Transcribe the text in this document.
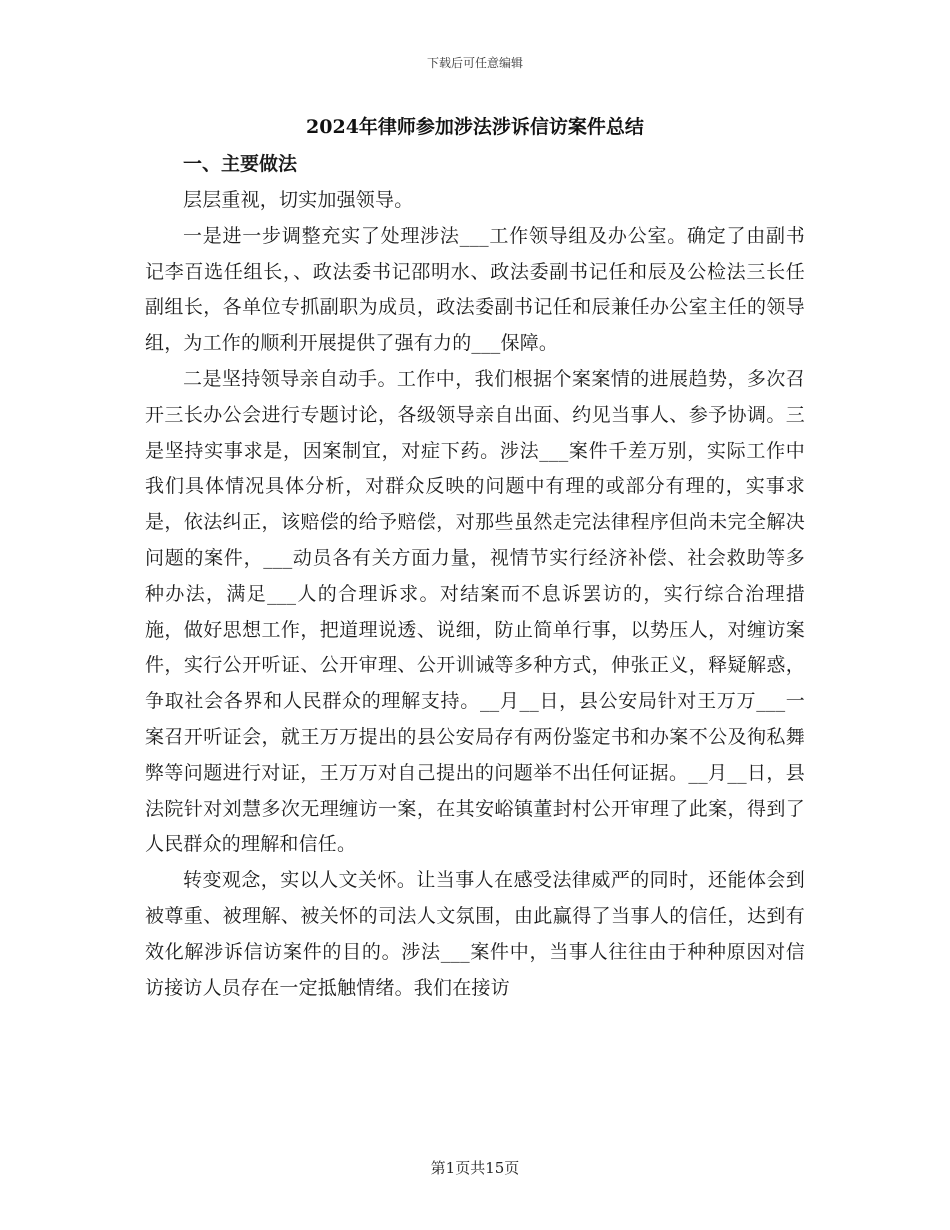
下载后可任意编辑
2024年律师参加涉法涉诉信访案件总结

一、主要做法

层层重视，切实加强领导。

一是进一步调整充实了处理涉法___工作领导组及办公室。确定了由副书记李百选任组长，、政法委书记邵明水、政法委副书记任和辰及公检法三长任副组长，各单位专抓副职为成员，政法委副书记任和辰兼任办公室主任的领导组，为工作的顺利开展提供了强有力的___保障。

二是坚持领导亲自动手。工作中，我们根据个案案情的进展趋势，多次召开三长办公会进行专题讨论，各级领导亲自出面、约见当事人、参予协调。三是坚持实事求是，因案制宜，对症下药。涉法___案件千差万别，实际工作中我们具体情况具体分析，对群众反映的问题中有理的或部分有理的，实事求是，依法纠正，该赔偿的给予赔偿，对那些虽然走完法律程序但尚未完全解决问题的案件，___动员各有关方面力量，视情节实行经济补偿、社会救助等多种办法，满足___人的合理诉求。对结案而不息诉罢访的，实行综合治理措施，做好思想工作，把道理说透、说细，防止简单行事，以势压人，对缠访案件，实行公开听证、公开审理、公开训诫等多种方式，伸张正义，释疑解惑，争取社会各界和人民群众的理解支持。__月__日，县公安局针对王万万___一案召开听证会，就王万万提出的县公安局存有两份鉴定书和办案不公及徇私舞弊等问题进行对证，王万万对自己提出的问题举不出任何证据。__月__日，县法院针对刘慧多次无理缠访一案，在其安峪镇董封村公开审理了此案，得到了人民群众的理解和信任。

转变观念，实以人文关怀。让当事人在感受法律威严的同时，还能体会到被尊重、被理解、被关怀的司法人文氛围，由此赢得了当事人的信任，达到有效化解涉诉信访案件的目的。涉法___案件中，当事人往往由于种种原因对信访接访人员存在一定抵触情绪。我们在接访

第1页共15页
